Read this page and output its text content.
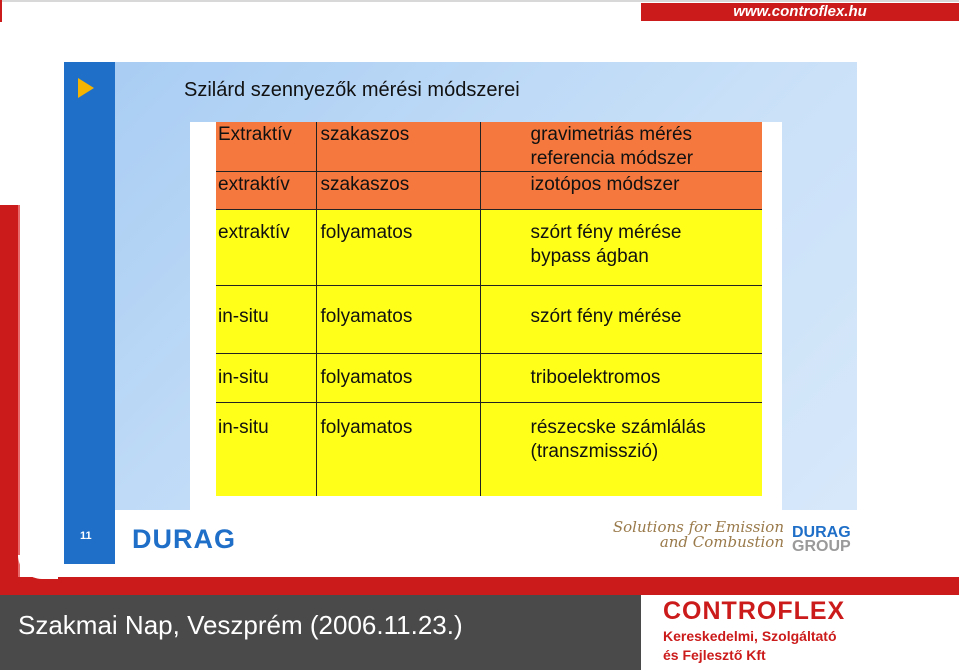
www.controflex.hu
Szilárd szennyezők mérési módszerei
Extraktív	szakaszos	gravimetriás mérés
referencia módszer
extraktív	szakaszos	izotópos módszer
extraktív	folyamatos	szórt fény mérése
bypass ágban
in-situ	folyamatos	szórt fény mérése
in-situ	folyamatos	triboelektromos
in-situ	folyamatos	részecske számlálás
(transzmisszió)
11 DURAG	Solutions for Emission
and Combustion
DURAG
GROUP
Szakmai Nap, Veszprém (2006.11.23.)	CONTROFLEX
Kereskedelmi, Szolgáltató
és Fejlesztő Kft
